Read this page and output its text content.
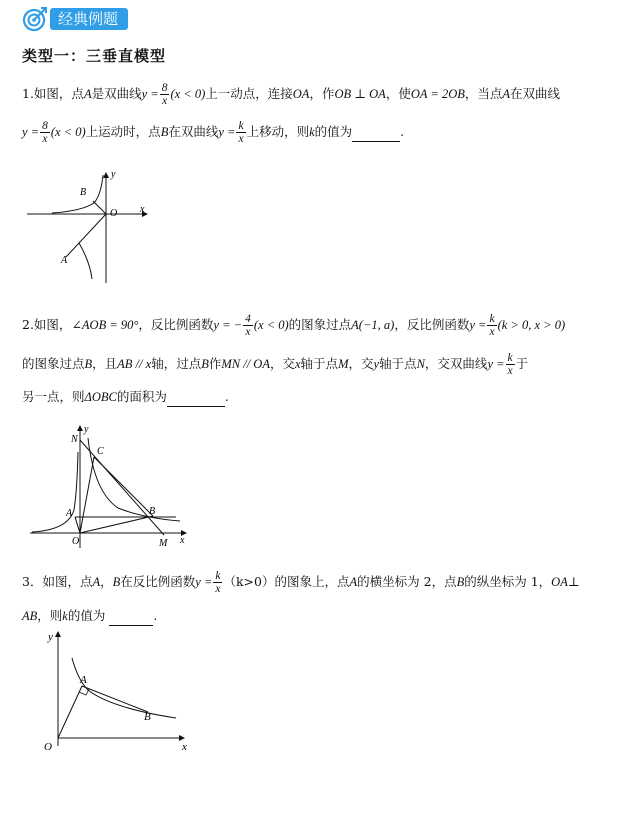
经典例题
类型一：三垂直模型
1.如图，点A是双曲线$y = \frac{8}{x} (x < 0)$上一动点，连接OA，作OB ⊥ OA，使OA = 2OB，当点A在双曲线
$y = \frac{8}{x} (x < 0)$上运动时，点B在双曲线$y = \frac{k}{x}$ 上移动，则k的值为	.
y
x
B
O
A
2.如图，∠AOB = 90°，反比例函数y = − $\frac{4}{x} (x < 0)$的图象过点A(−1, a)，反比例函数$y = \frac{k}{x} (k > 0$, x > 0)
的图象过点B，且AB // x轴，过点B作MN // OA，交x轴于点M，交y轴于点N，交双曲线$y = \frac{k}{x}$ 于
另一点，则ΔOBC的面积为	.
N
y
C
A	B
O	M x
3．如图，点A，B在反比例函数$y = \frac{k}{x} (k>0)$的图象上，点A的横坐标为 2，点B的纵坐标为 1，OA⊥
AB，则k的值为	.
y
A
B
O	x
